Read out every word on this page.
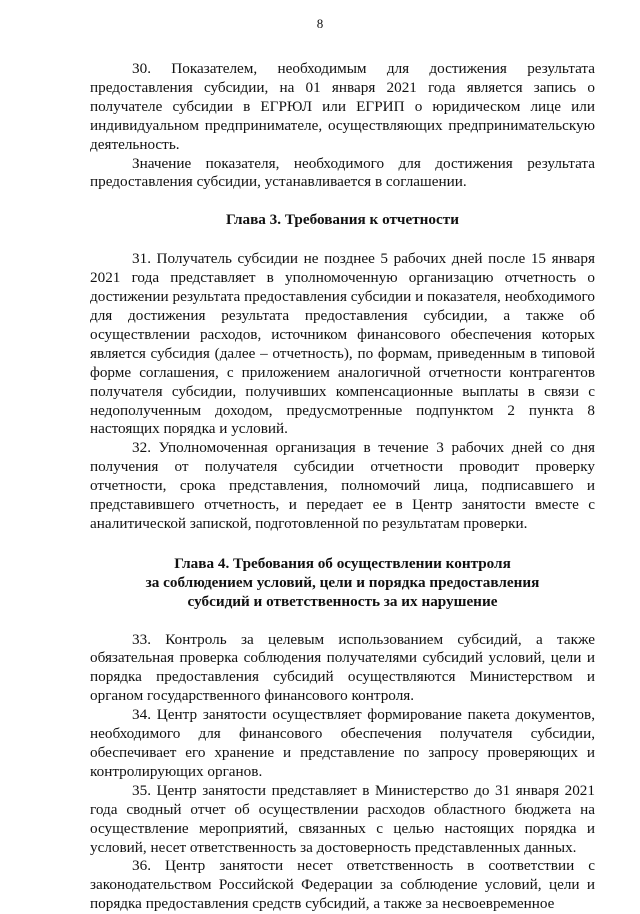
8

30. Показателем, необходимым для достижения результата предоставления субсидии, на 01 января 2021 года является запись о получателе субсидии в ЕГРЮЛ или ЕГРИП о юридическом лице или индивидуальном предпринимателе, осуществляющих предпринимательскую деятельность.

Значение показателя, необходимого для достижения результата предоставления субсидии, устанавливается в соглашении.

Глава 3. Требования к отчетности

31. Получатель субсидии не позднее 5 рабочих дней после 15 января 2021 года представляет в уполномоченную организацию отчетность о достижении результата предоставления субсидии и показателя, необходимого для достижения результата предоставления субсидии, а также об осуществлении расходов, источником финансового обеспечения которых является субсидия (далее – отчетность), по формам, приведенным в типовой форме соглашения, с приложением аналогичной отчетности контрагентов получателя субсидии, получивших компенсационные выплаты в связи с недополученным доходом, предусмотренные подпунктом 2 пункта 8 настоящих порядка и условий.

32. Уполномоченная организация в течение 3 рабочих дней со дня получения от получателя субсидии отчетности проводит проверку отчетности, срока представления, полномочий лица, подписавшего и представившего отчетность, и передает ее в Центр занятости вместе с аналитической запиской, подготовленной по результатам проверки.

Глава 4. Требования об осуществлении контроля
за соблюдением условий, цели и порядка предоставления
субсидий и ответственность за их нарушение

33. Контроль за целевым использованием субсидий, а также обязательная проверка соблюдения получателями субсидий условий, цели и порядка предоставления субсидий осуществляются Министерством и органом государственного финансового контроля.

34. Центр занятости осуществляет формирование пакета документов, необходимого для финансового обеспечения получателя субсидии, обеспечивает его хранение и представление по запросу проверяющих и контролирующих органов.

35. Центр занятости представляет в Министерство до 31 января 2021 года сводный отчет об осуществлении расходов областного бюджета на осуществление мероприятий, связанных с целью настоящих порядка и условий, несет ответственность за достоверность представленных данных.

36. Центр занятости несет ответственность в соответствии с законодательством Российской Федерации за соблюдение условий, цели и порядка предоставления средств субсидий, а также за несвоевременное
